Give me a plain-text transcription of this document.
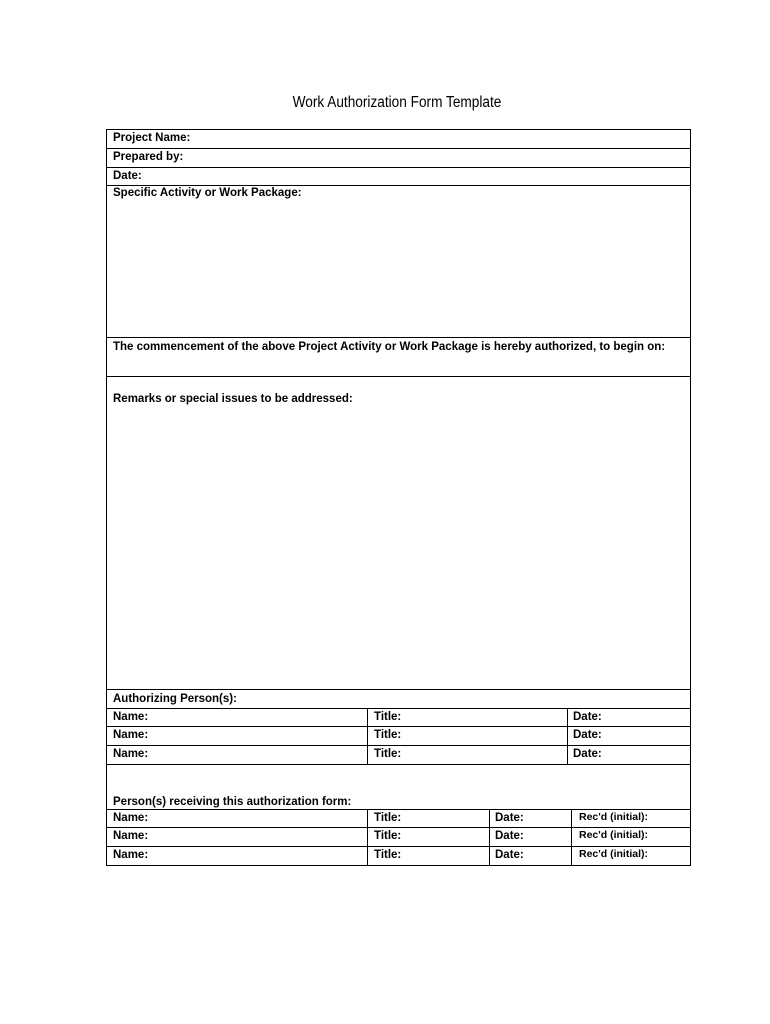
Work Authorization Form Template
Project Name:
Prepared by:
Date:
Specific Activity or Work Package:
The commencement of the above Project Activity or Work Package is hereby authorized, to begin on:
Remarks or special issues to be addressed:
Authorizing Person(s):
Name:	Title:	Date:
Name:	Title:	Date:
Name:	Title:	Date:
Person(s) receiving this authorization form:
Name:	Title:	Date:	Rec'd (initial):
Name:	Title:	Date:	Rec'd (initial):
Name:	Title:	Date:	Rec'd (initial):
